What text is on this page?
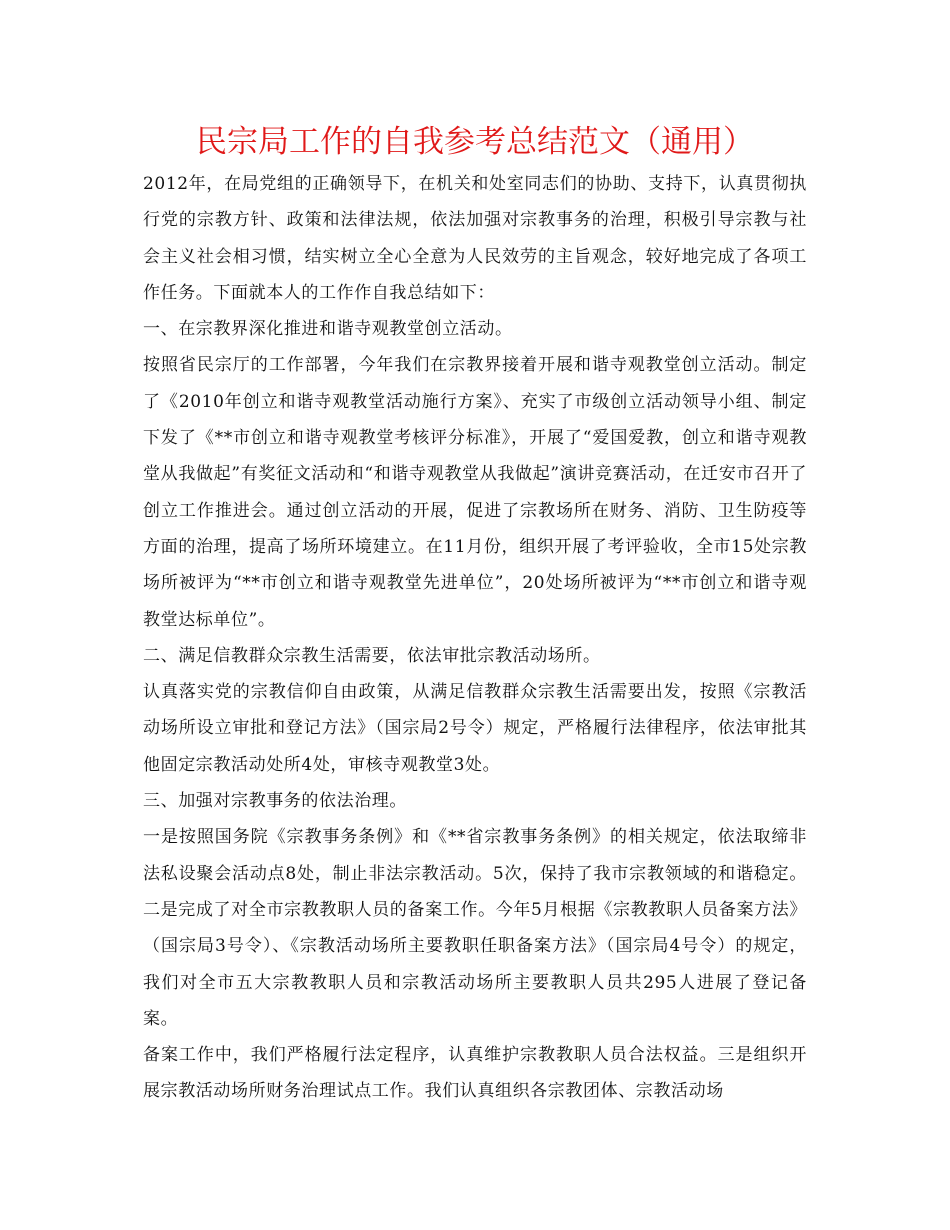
民宗局工作的自我参考总结范文（通用）

2012年，在局党组的正确领导下，在机关和处室同志们的协助、支持下，认真贯彻执行党的宗教方针、政策和法律法规，依法加强对宗教事务的治理，积极引导宗教与社会主义社会相习惯，结实树立全心全意为人民效劳的主旨观念，较好地完成了各项工作任务。下面就本人的工作作自我总结如下：

一、在宗教界深化推进和谐寺观教堂创立活动。

按照省民宗厅的工作部署，今年我们在宗教界接着开展和谐寺观教堂创立活动。制定了《2010年创立和谐寺观教堂活动施行方案》、充实了市级创立活动领导小组、制定下发了《**市创立和谐寺观教堂考核评分标准》，开展了“爱国爱教，创立和谐寺观教堂从我做起”有奖征文活动和“和谐寺观教堂从我做起”演讲竞赛活动，在迁安市召开了创立工作推进会。通过创立活动的开展，促进了宗教场所在财务、消防、卫生防疫等方面的治理，提高了场所环境建立。在11月份，组织开展了考评验收，全市15处宗教场所被评为“**市创立和谐寺观教堂先进单位”，20处场所被评为“**市创立和谐寺观教堂达标单位”。

二、满足信教群众宗教生活需要，依法审批宗教活动场所。

认真落实党的宗教信仰自由政策，从满足信教群众宗教生活需要出发，按照《宗教活动场所设立审批和登记方法》（国宗局2号令）规定，严格履行法律程序，依法审批其他固定宗教活动处所4处，审核寺观教堂3处。

三、加强对宗教事务的依法治理。

一是按照国务院《宗教事务条例》和《**省宗教事务条例》的相关规定，依法取缔非法私设聚会活动点8处，制止非法宗教活动。5次，保持了我市宗教领域的和谐稳定。二是完成了对全市宗教教职人员的备案工作。今年5月根据《宗教教职人员备案方法》（国宗局3号令）、《宗教活动场所主要教职任职备案方法》（国宗局4号令）的规定，我们对全市五大宗教教职人员和宗教活动场所主要教职人员共295人进展了登记备案。

备案工作中，我们严格履行法定程序，认真维护宗教教职人员合法权益。三是组织开展宗教活动场所财务治理试点工作。我们认真组织各宗教团体、宗教活动场
